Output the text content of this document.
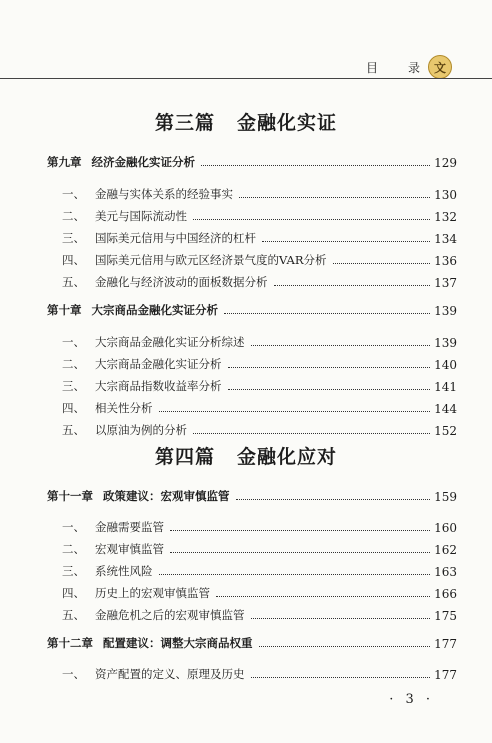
目	录	文
第三篇 金融化实证
第九章 经济金融化实证分析	129
一、 金融与实体关系的经验事实	130
二、 美元与国际流动性	132
三、 国际美元信用与中国经济的杠杆	134
四、 国际美元信用与欧元区经济景气度的VAR分析	136
五、 金融化与经济波动的面板数据分析	137
第十章 大宗商品金融化实证分析	139
一、 大宗商品金融化实证分析综述	139
二、 大宗商品金融化实证分析	140
三、 大宗商品指数收益率分析	141
四、 相关性分析	144
五、 以原油为例的分析	152
第四篇 金融化应对
第十一章 政策建议：宏观审慎监管	159
一、 金融需要监管	160
二、 宏观审慎监管	162
三、 系统性风险	163
四、 历史上的宏观审慎监管	166
五、 金融危机之后的宏观审慎监管	175
第十二章 配置建议：调整大宗商品权重	177
一、 资产配置的定义、原理及历史	177
· 3 ·
